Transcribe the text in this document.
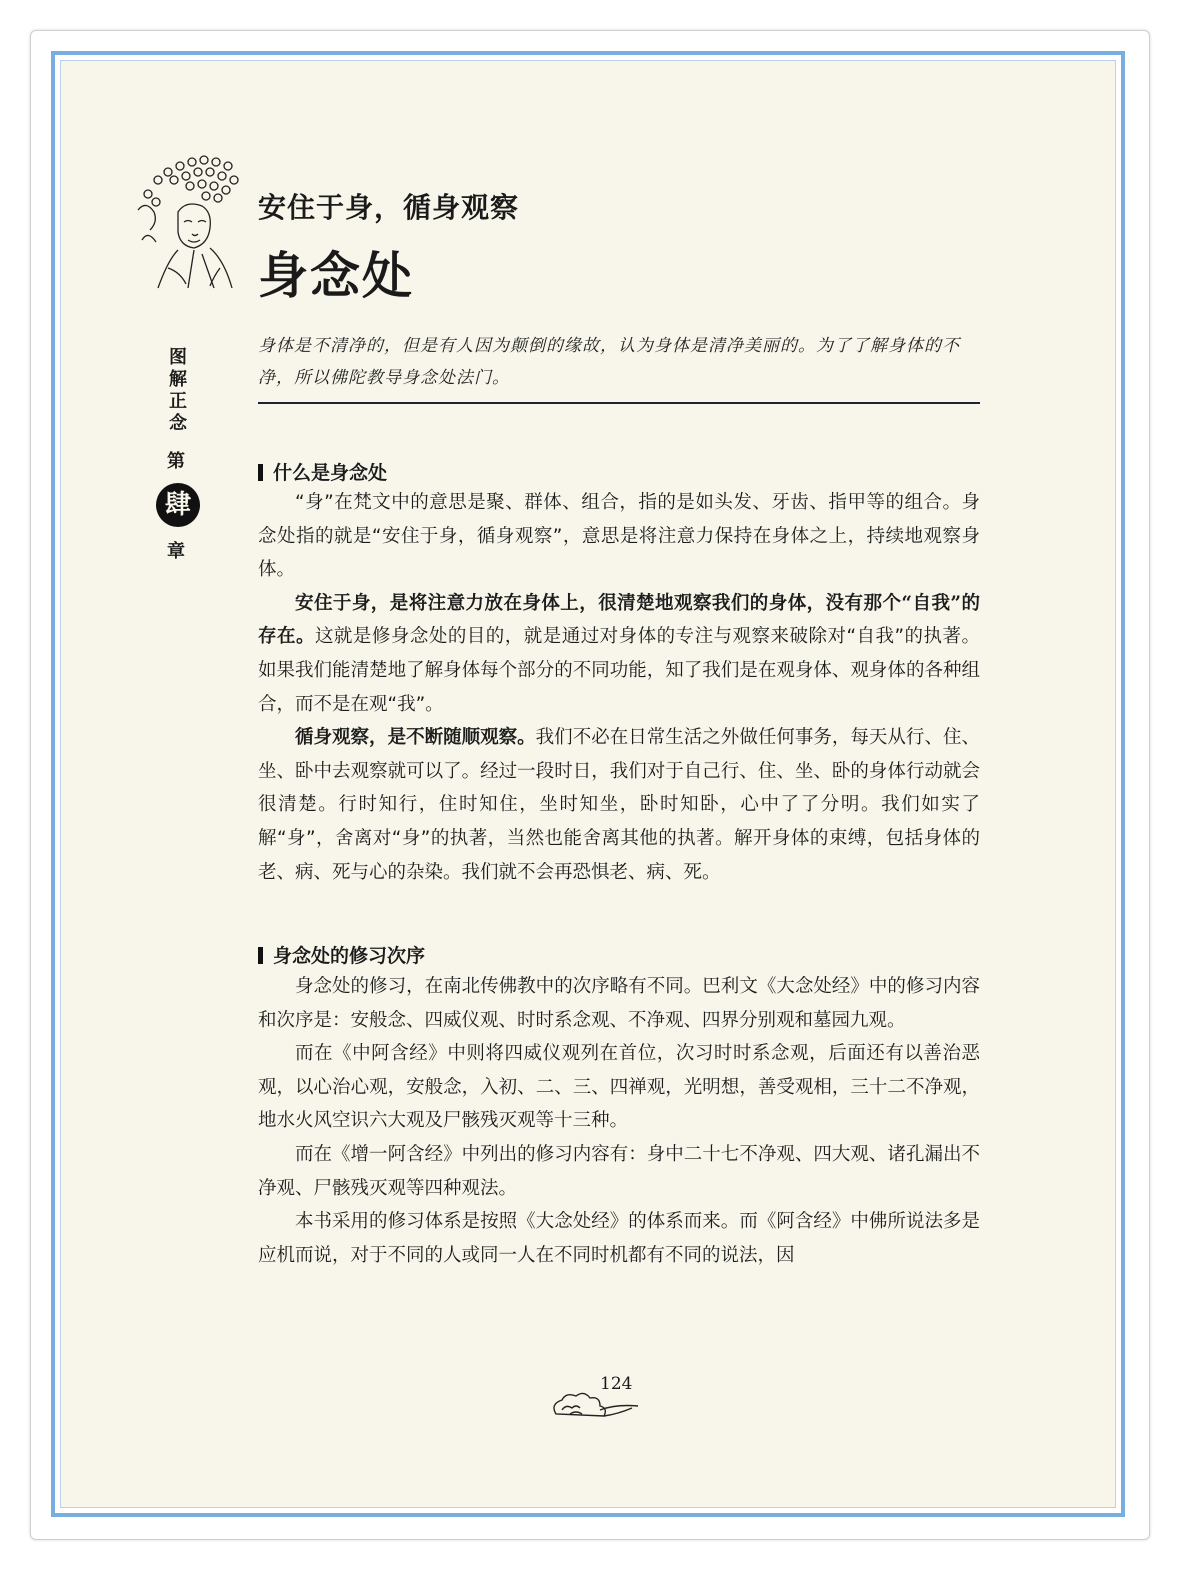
安住于身，循身观察
身念处
图解正念
第
肆
章
身体是不清净的，但是有人因为颠倒的缘故，认为身体是清净美丽的。为了了解身体的不净，所以佛陀教导身念处法门。
什么是身念处

“身”在梵文中的意思是聚、群体、组合，指的是如头发、牙齿、指甲等的组合。身念处指的就是“安住于身，循身观察”，意思是将注意力保持在身体之上，持续地观察身体。

安住于身，是将注意力放在身体上，很清楚地观察我们的身体，没有那个“自我”的存在。这就是修身念处的目的，就是通过对身体的专注与观察来破除对“自我”的执著。如果我们能清楚地了解身体每个部分的不同功能，知了我们是在观身体、观身体的各种组合，而不是在观“我”。

循身观察，是不断随顺观察。我们不必在日常生活之外做任何事务，每天从行、住、坐、卧中去观察就可以了。经过一段时日，我们对于自己行、住、坐、卧的身体行动就会很清楚。行时知行，住时知住，坐时知坐，卧时知卧，心中了了分明。我们如实了解“身”，舍离对“身”的执著，当然也能舍离其他的执著。解开身体的束缚，包括身体的老、病、死与心的杂染。我们就不会再恐惧老、病、死。

身念处的修习次序

身念处的修习，在南北传佛教中的次序略有不同。巴利文《大念处经》中的修习内容和次序是：安般念、四威仪观、时时系念观、不净观、四界分别观和墓园九观。

而在《中阿含经》中则将四威仪观列在首位，次习时时系念观，后面还有以善治恶观，以心治心观，安般念，入初、二、三、四禅观，光明想，善受观相，三十二不净观，地水火风空识六大观及尸骸残灭观等十三种。

而在《增一阿含经》中列出的修习内容有：身中二十七不净观、四大观、诸孔漏出不净观、尸骸残灭观等四种观法。

本书采用的修习体系是按照《大念处经》的体系而来。而《阿含经》中佛所说法多是应机而说，对于不同的人或同一人在不同时机都有不同的说法，因

124
